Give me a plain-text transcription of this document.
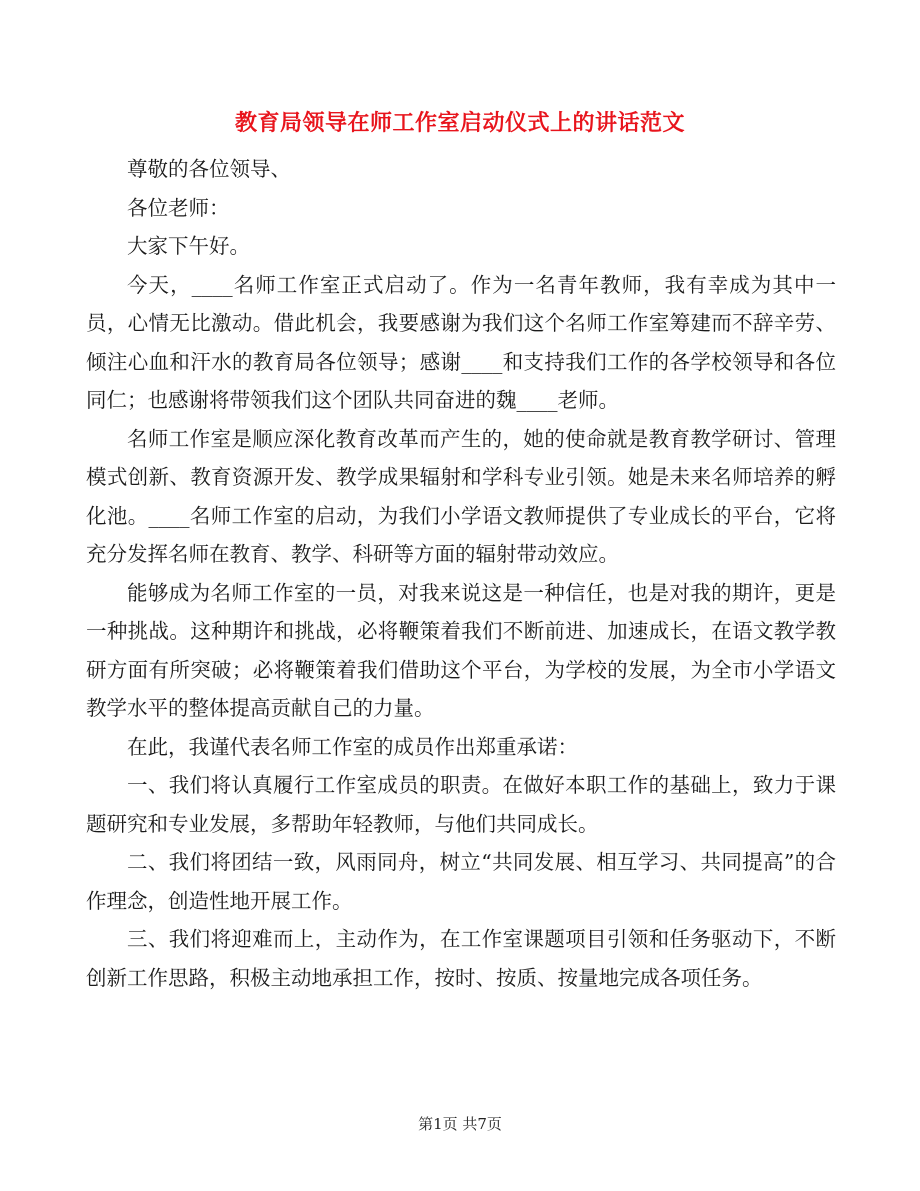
教育局领导在师工作室启动仪式上的讲话范文

尊敬的各位领导、

各位老师：

大家下午好。

今天，____名师工作室正式启动了。作为一名青年教师，我有幸成为其中一员，心情无比激动。借此机会，我要感谢为我们这个名师工作室筹建而不辞辛劳、倾注心血和汗水的教育局各位领导；感谢____和支持我们工作的各学校领导和各位同仁；也感谢将带领我们这个团队共同奋进的魏____老师。

名师工作室是顺应深化教育改革而产生的，她的使命就是教育教学研讨、管理模式创新、教育资源开发、教学成果辐射和学科专业引领。她是未来名师培养的孵化池。____名师工作室的启动，为我们小学语文教师提供了专业成长的平台，它将充分发挥名师在教育、教学、科研等方面的辐射带动效应。

能够成为名师工作室的一员，对我来说这是一种信任，也是对我的期许，更是一种挑战。这种期许和挑战，必将鞭策着我们不断前进、加速成长，在语文教学教研方面有所突破；必将鞭策着我们借助这个平台，为学校的发展，为全市小学语文教学水平的整体提高贡献自己的力量。

在此，我谨代表名师工作室的成员作出郑重承诺：

一、我们将认真履行工作室成员的职责。在做好本职工作的基础上，致力于课题研究和专业发展，多帮助年轻教师，与他们共同成长。

二、我们将团结一致，风雨同舟，树立“共同发展、相互学习、共同提高”的合作理念，创造性地开展工作。

三、我们将迎难而上，主动作为，在工作室课题项目引领和任务驱动下，不断创新工作思路，积极主动地承担工作，按时、按质、按量地完成各项任务。

第1页 共7页
